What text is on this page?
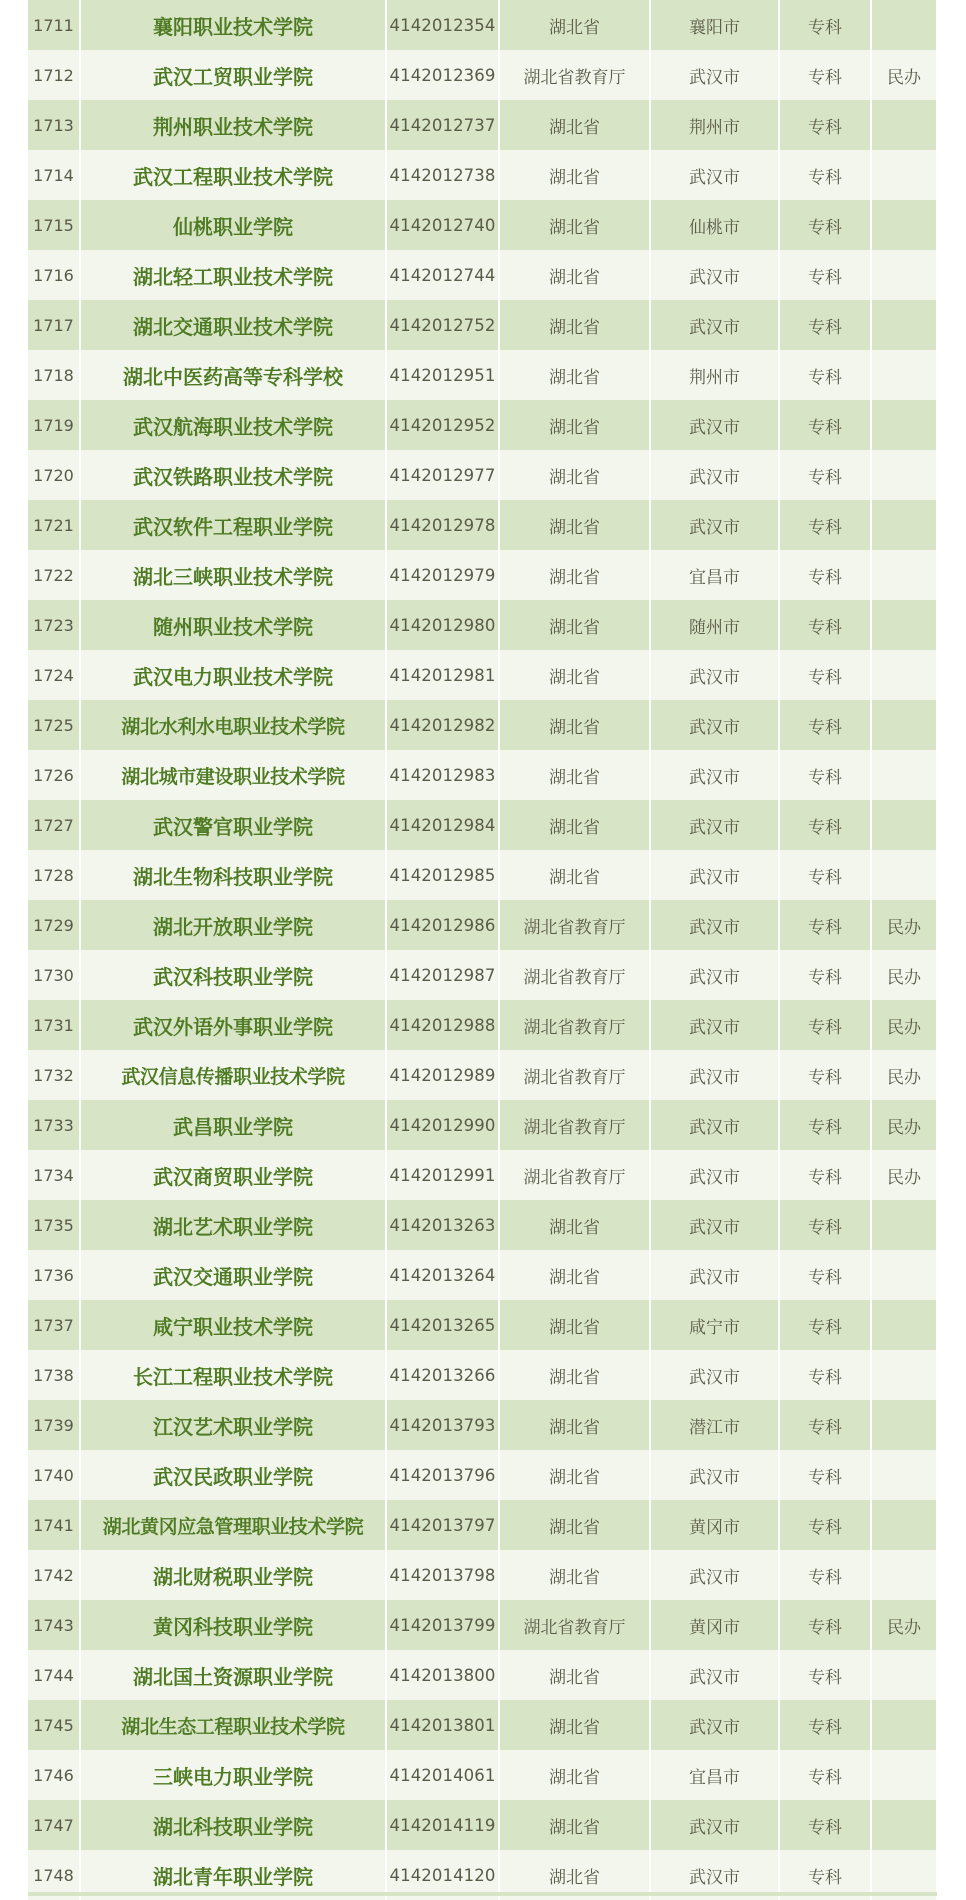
1711	襄阳职业技术学院	4142012354	湖北省	襄阳市	专科	
1712	武汉工贸职业学院	4142012369	湖北省教育厅	武汉市	专科	民办
1713	荆州职业技术学院	4142012737	湖北省	荆州市	专科	
1714	武汉工程职业技术学院	4142012738	湖北省	武汉市	专科	
1715	仙桃职业学院	4142012740	湖北省	仙桃市	专科	
1716	湖北轻工职业技术学院	4142012744	湖北省	武汉市	专科	
1717	湖北交通职业技术学院	4142012752	湖北省	武汉市	专科	
1718	湖北中医药高等专科学校	4142012951	湖北省	荆州市	专科	
1719	武汉航海职业技术学院	4142012952	湖北省	武汉市	专科	
1720	武汉铁路职业技术学院	4142012977	湖北省	武汉市	专科	
1721	武汉软件工程职业学院	4142012978	湖北省	武汉市	专科	
1722	湖北三峡职业技术学院	4142012979	湖北省	宜昌市	专科	
1723	随州职业技术学院	4142012980	湖北省	随州市	专科	
1724	武汉电力职业技术学院	4142012981	湖北省	武汉市	专科	
1725	湖北水利水电职业技术学院	4142012982	湖北省	武汉市	专科	
1726	湖北城市建设职业技术学院	4142012983	湖北省	武汉市	专科	
1727	武汉警官职业学院	4142012984	湖北省	武汉市	专科	
1728	湖北生物科技职业学院	4142012985	湖北省	武汉市	专科	
1729	湖北开放职业学院	4142012986	湖北省教育厅	武汉市	专科	民办
1730	武汉科技职业学院	4142012987	湖北省教育厅	武汉市	专科	民办
1731	武汉外语外事职业学院	4142012988	湖北省教育厅	武汉市	专科	民办
1732	武汉信息传播职业技术学院	4142012989	湖北省教育厅	武汉市	专科	民办
1733	武昌职业学院	4142012990	湖北省教育厅	武汉市	专科	民办
1734	武汉商贸职业学院	4142012991	湖北省教育厅	武汉市	专科	民办
1735	湖北艺术职业学院	4142013263	湖北省	武汉市	专科	
1736	武汉交通职业学院	4142013264	湖北省	武汉市	专科	
1737	咸宁职业技术学院	4142013265	湖北省	咸宁市	专科	
1738	长江工程职业技术学院	4142013266	湖北省	武汉市	专科	
1739	江汉艺术职业学院	4142013793	湖北省	潜江市	专科	
1740	武汉民政职业学院	4142013796	湖北省	武汉市	专科	
1741	湖北黄冈应急管理职业技术学院	4142013797	湖北省	黄冈市	专科	
1742	湖北财税职业学院	4142013798	湖北省	武汉市	专科	
1743	黄冈科技职业学院	4142013799	湖北省教育厅	黄冈市	专科	民办
1744	湖北国土资源职业学院	4142013800	湖北省	武汉市	专科	
1745	湖北生态工程职业技术学院	4142013801	湖北省	武汉市	专科	
1746	三峡电力职业学院	4142014061	湖北省	宜昌市	专科	
1747	湖北科技职业学院	4142014119	湖北省	武汉市	专科	
1748	湖北青年职业学院	4142014120	湖北省	武汉市	专科	
